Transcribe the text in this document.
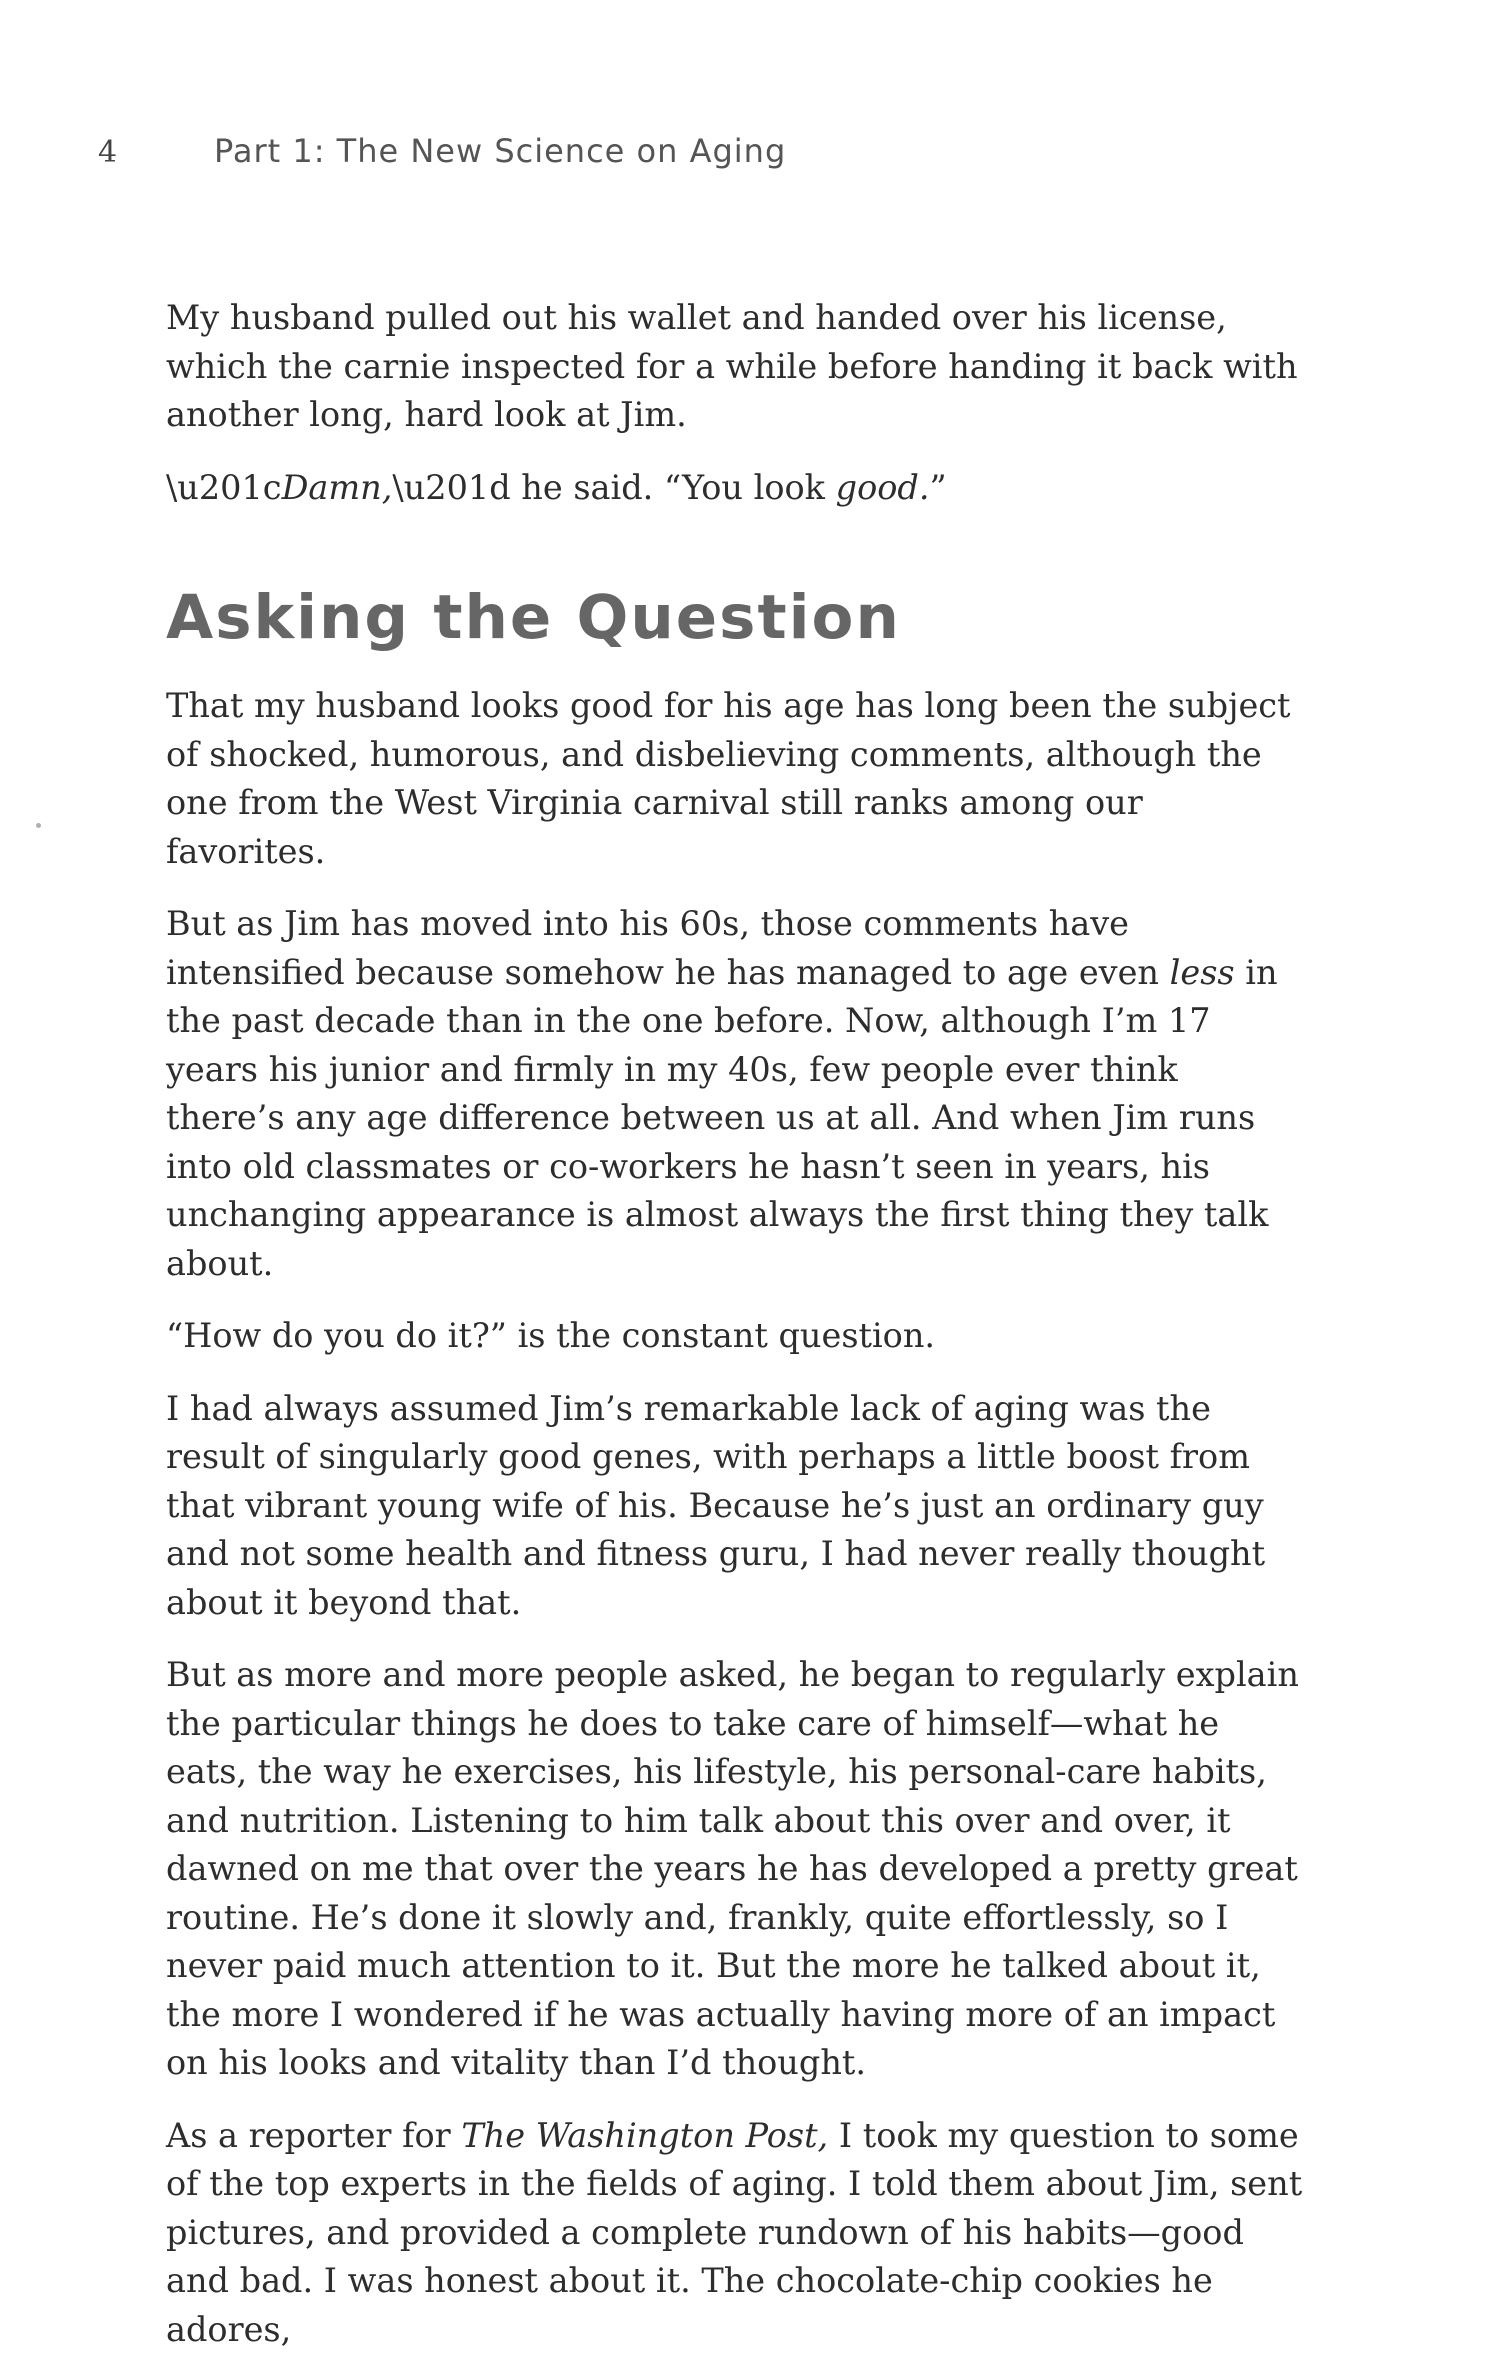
4	Part 1: The New Science on Aging

My husband pulled out his wallet and handed over his license, which the carnie inspected for a while before handing it back with another long, hard look at Jim.

\u201cDamn,\u201d he said. “You look good.”

Asking the Question

That my husband looks good for his age has long been the subject of shocked, humorous, and disbelieving comments, although the one from the West Virginia carnival still ranks among our favorites.

But as Jim has moved into his 60s, those comments have intensified because somehow he has managed to age even less in the past decade than in the one before. Now, although I’m 17 years his junior and firmly in my 40s, few people ever think there’s any age difference between us at all. And when Jim runs into old classmates or co-workers he hasn’t seen in years, his unchanging appearance is almost always the first thing they talk about.

“How do you do it?” is the constant question.

I had always assumed Jim’s remarkable lack of aging was the result of singularly good genes, with perhaps a little boost from that vibrant young wife of his. Because he’s just an ordinary guy and not some health and fitness guru, I had never really thought about it beyond that.

But as more and more people asked, he began to regularly explain the particular things he does to take care of himself—what he eats, the way he exercises, his lifestyle, his personal-care habits, and nutrition. Listening to him talk about this over and over, it dawned on me that over the years he has developed a pretty great routine. He’s done it slowly and, frankly, quite effortlessly, so I never paid much attention to it. But the more he talked about it, the more I wondered if he was actually having more of an impact on his looks and vitality than I’d thought.

As a reporter for The Washington Post, I took my question to some of the top experts in the fields of aging. I told them about Jim, sent pictures, and provided a complete rundown of his habits—good and bad. I was honest about it. The chocolate-chip cookies he adores,
